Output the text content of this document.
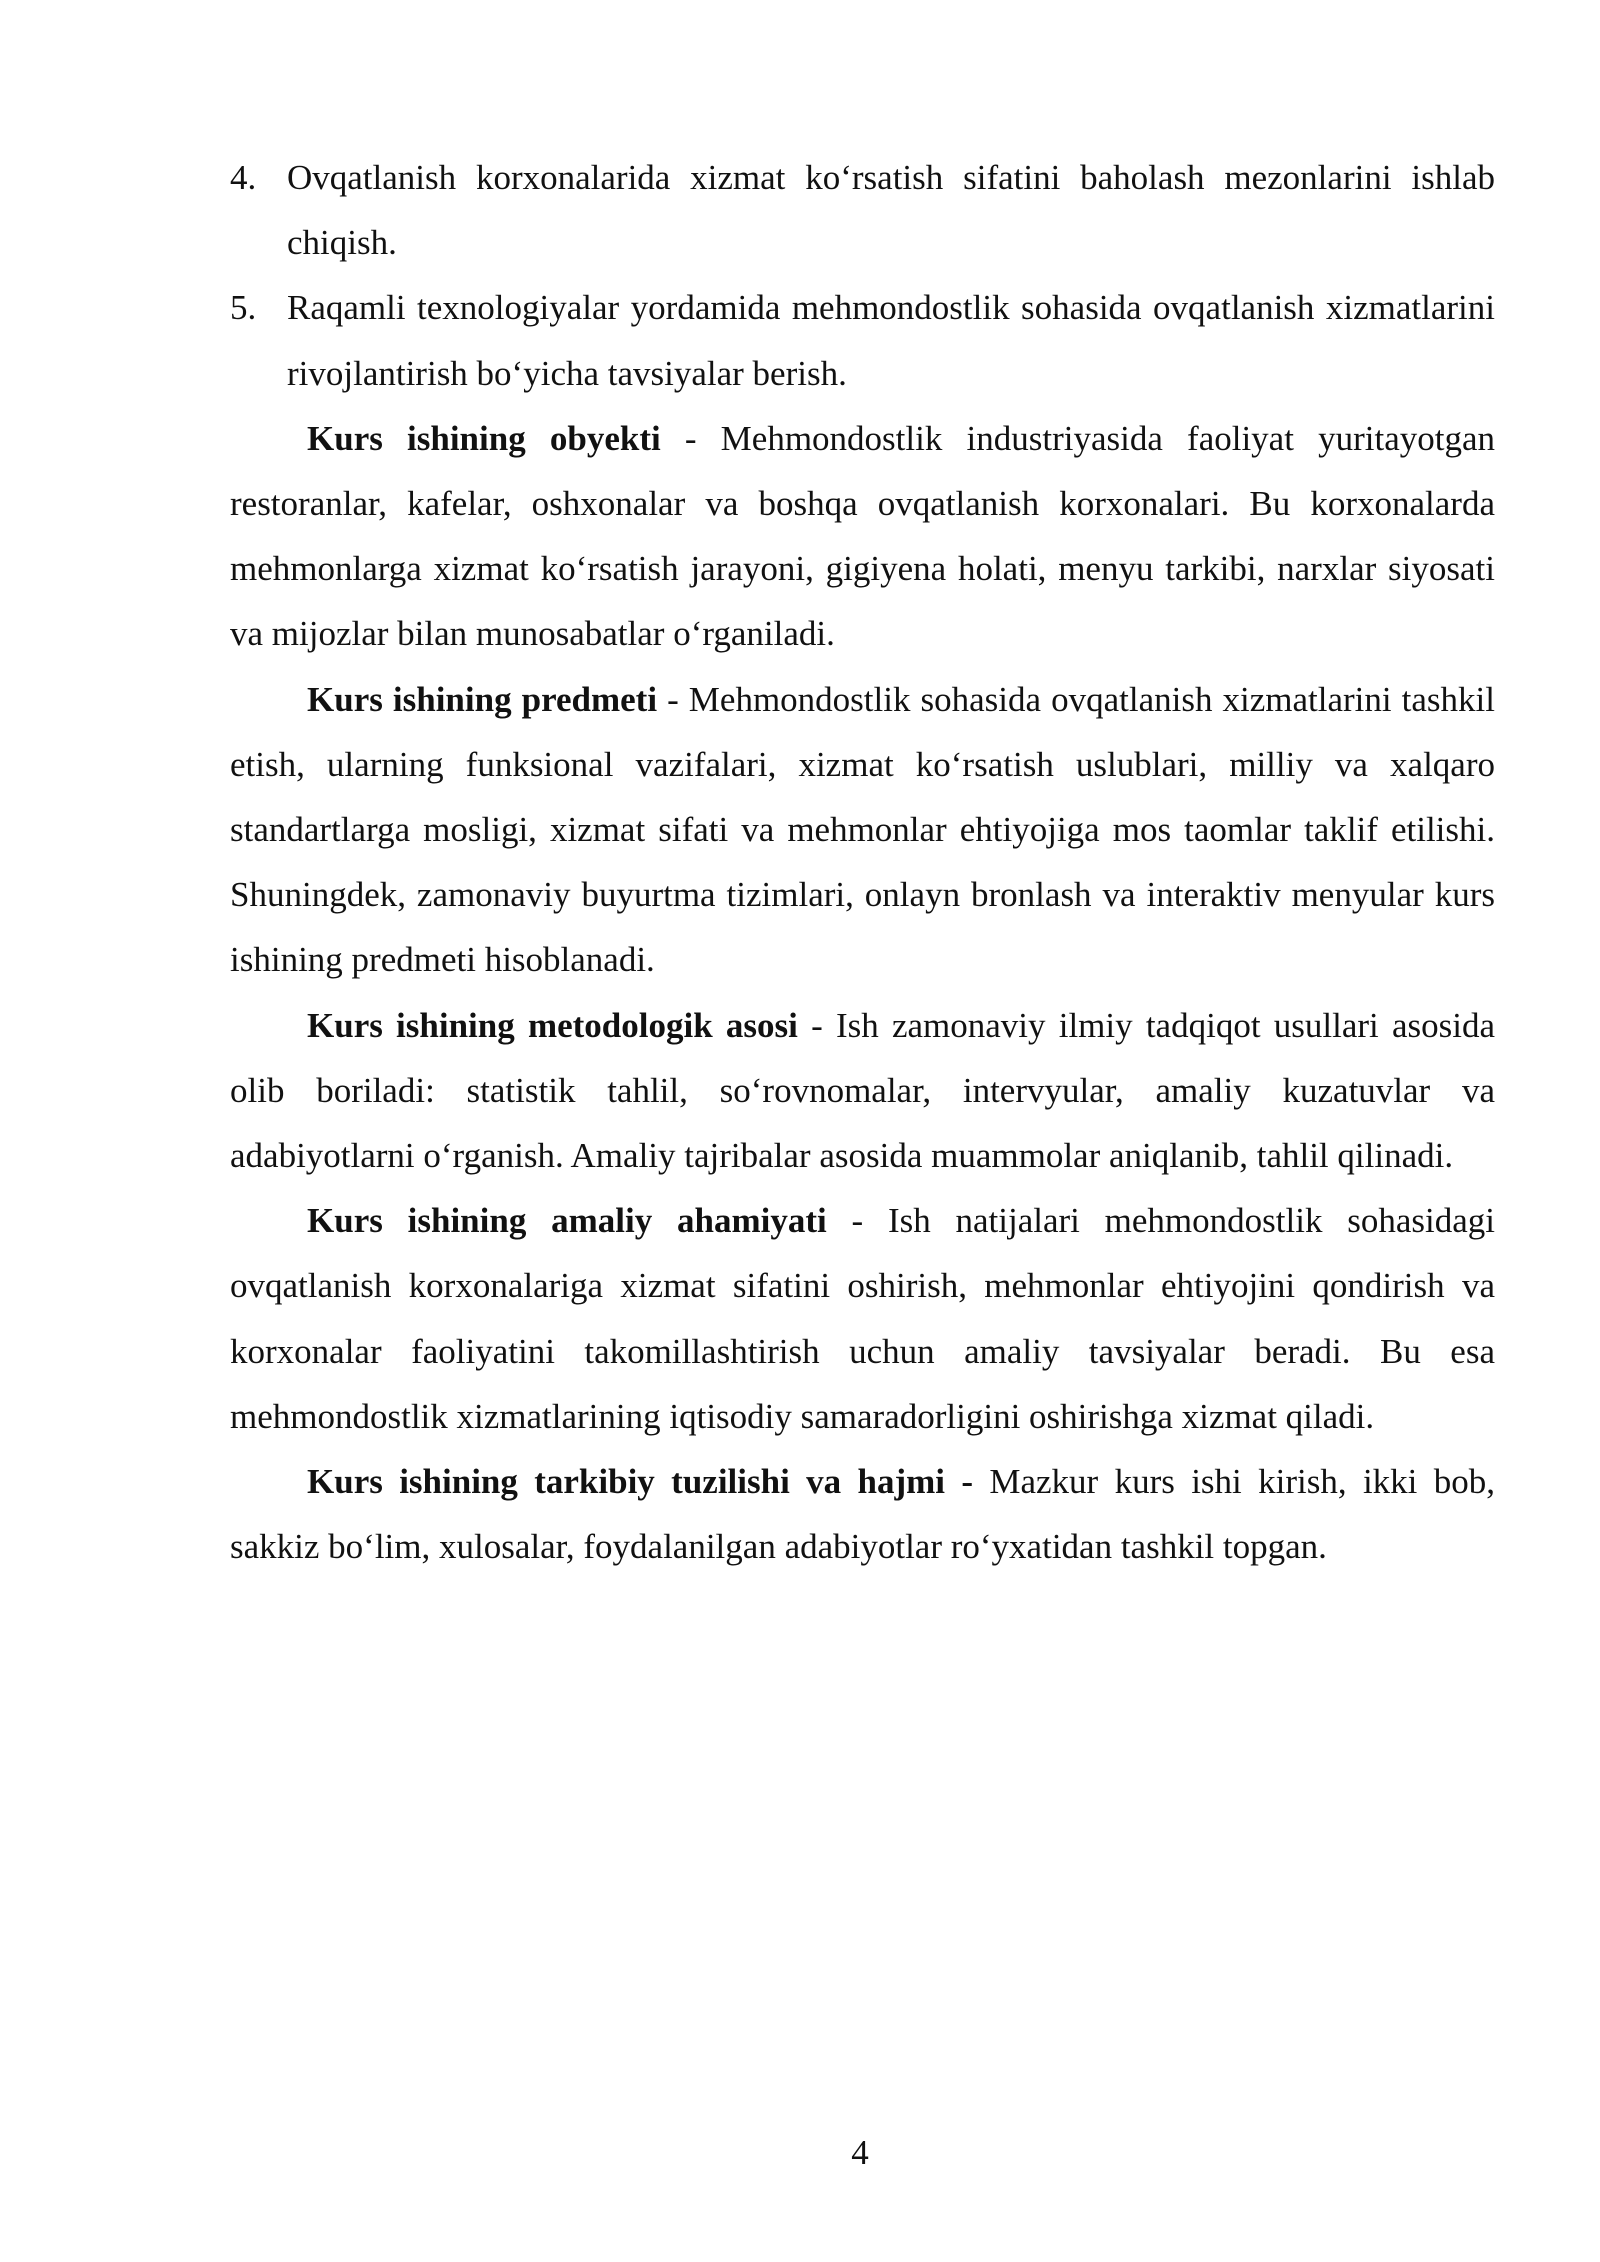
4. Ovqatlanish korxonalarida xizmat ko‘rsatish sifatini baholash mezonlarini ishlab chiqish.
5. Raqamli texnologiyalar yordamida mehmondostlik sohasida ovqatlanish xizmatlarini rivojlantirish bo‘yicha tavsiyalar berish.

Kurs ishining obyekti - Mehmondostlik industriyasida faoliyat yuritayotgan restoranlar, kafelar, oshxonalar va boshqa ovqatlanish korxonalari. Bu korxonalarda mehmonlarga xizmat ko‘rsatish jarayoni, gigiyena holati, menyu tarkibi, narxlar siyosati va mijozlar bilan munosabatlar o‘rganiladi.

Kurs ishining predmeti - Mehmondostlik sohasida ovqatlanish xizmatlarini tashkil etish, ularning funksional vazifalari, xizmat ko‘rsatish uslublari, milliy va xalqaro standartlarga mosligi, xizmat sifati va mehmonlar ehtiyojiga mos taomlar taklif etilishi. Shuningdek, zamonaviy buyurtma tizimlari, onlayn bronlash va interaktiv menyular kurs ishining predmeti hisoblanadi.

Kurs ishining metodologik asosi - Ish zamonaviy ilmiy tadqiqot usullari asosida olib boriladi: statistik tahlil, so‘rovnomalar, intervyular, amaliy kuzatuvlar va adabiyotlarni o‘rganish. Amaliy tajribalar asosida muammolar aniqlanib, tahlil qilinadi.

Kurs ishining amaliy ahamiyati - Ish natijalari mehmondostlik sohasidagi ovqatlanish korxonalariga xizmat sifatini oshirish, mehmonlar ehtiyojini qondirish va korxonalar faoliyatini takomillashtirish uchun amaliy tavsiyalar beradi. Bu esa mehmondostlik xizmatlarining iqtisodiy samaradorligini oshirishga xizmat qiladi.

Kurs ishining tarkibiy tuzilishi va hajmi - Mazkur kurs ishi kirish, ikki bob, sakkiz bo‘lim, xulosalar, foydalanilgan adabiyotlar ro‘yxatidan tashkil topgan.

4
